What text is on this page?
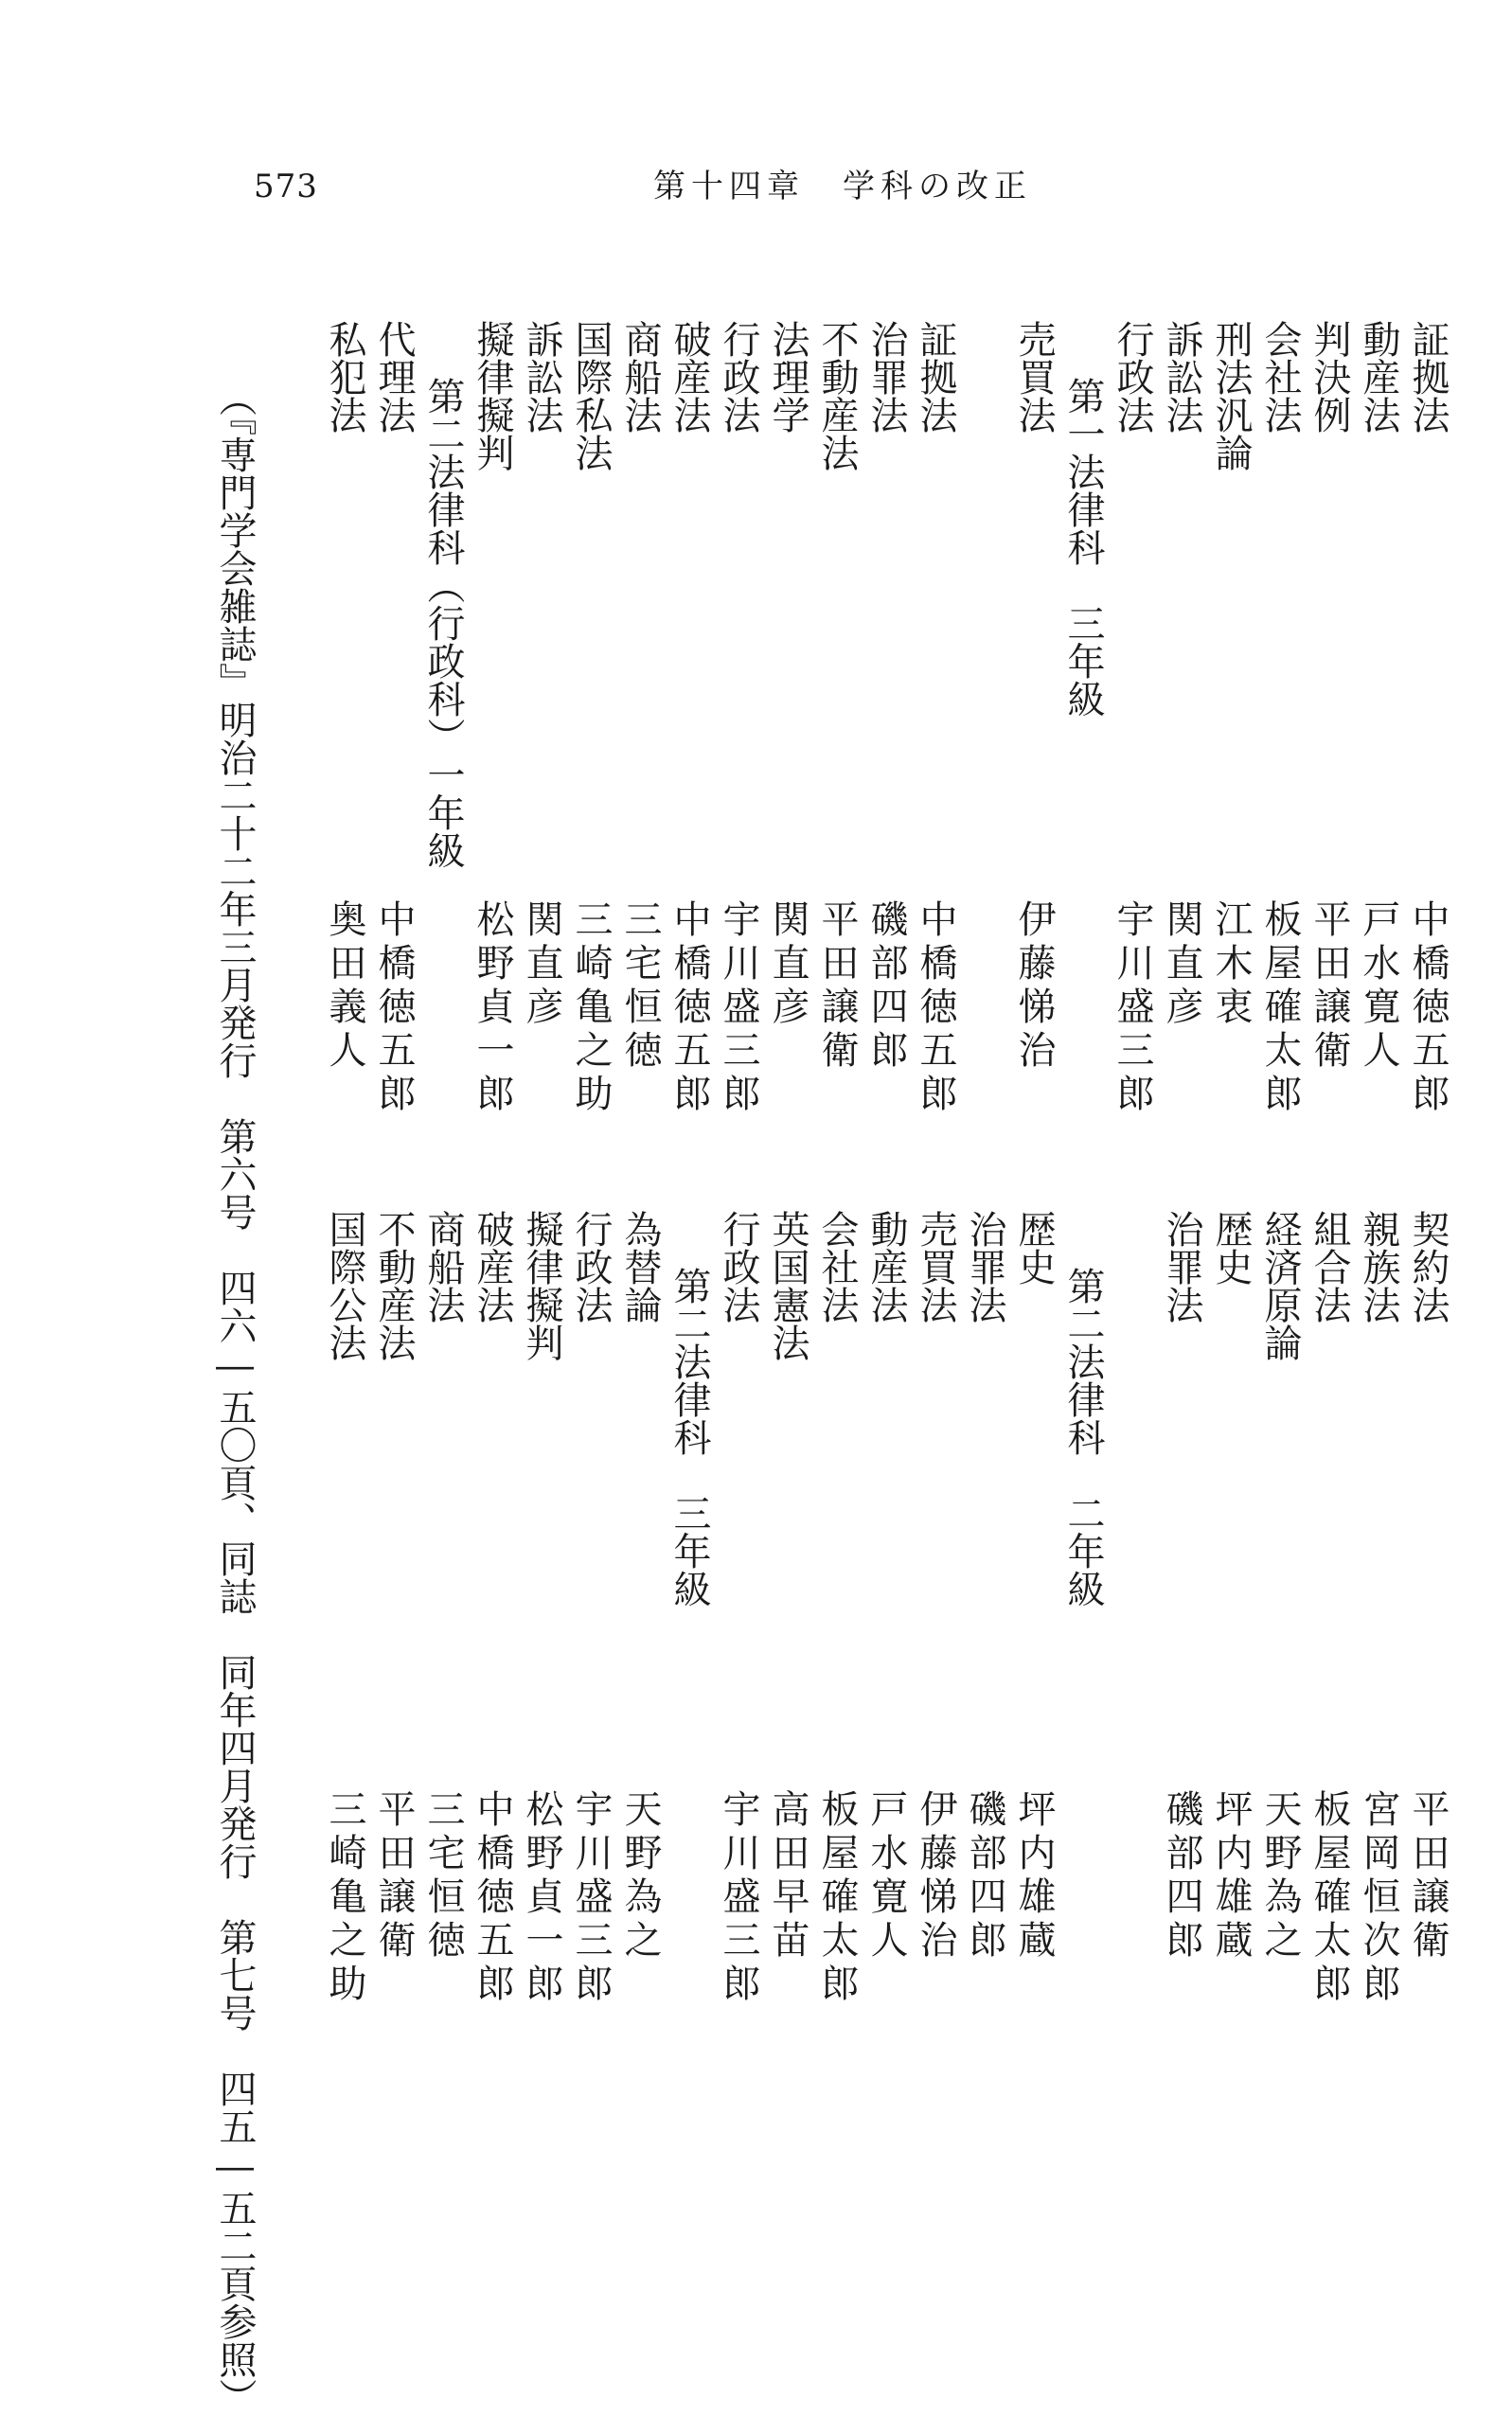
573	第十四章　学科の改正
証拠法
中橋徳五郎
契約法
平田譲衛
動産法
戸水寛人
親族法
宮岡恒次郎
判決例
平田譲衛
組合法
板屋確太郎
会社法
板屋確太郎
経済原論
天野為之
刑法汎論
江木衷
歴史
坪内雄蔵
訴訟法
関直彦
治罪法
磯部四郎
行政法
宇川盛三郎
第一法律科　三年級
第二法律科　二年級
売買法
伊藤悌治
歴史
坪内雄蔵
治罪法
磯部四郎
証拠法
中橋徳五郎
売買法
伊藤悌治
治罪法
磯部四郎
動産法
戸水寛人
不動産法
平田譲衛
会社法
板屋確太郎
法理学
関直彦
英国憲法
高田早苗
行政法
宇川盛三郎
行政法
宇川盛三郎
破産法
中橋徳五郎
第二法律科　三年級
商船法
三宅恒徳
為替論
天野為之
国際私法
三崎亀之助
行政法
宇川盛三郎
訴訟法
関直彦
擬律擬判
松野貞一郎
擬律擬判
松野貞一郎
破産法
中橋徳五郎
商船法
三宅恒徳
第二法律科（行政科）一年級
代理法
中橋徳五郎
不動産法
平田譲衛
私犯法
奥田義人
国際公法
三崎亀之助
（『専門学会雑誌』明治二十二年三月発行　第六号　四六―五〇頁、同誌　同年四月発行　第七号　四五―五二頁参照）
